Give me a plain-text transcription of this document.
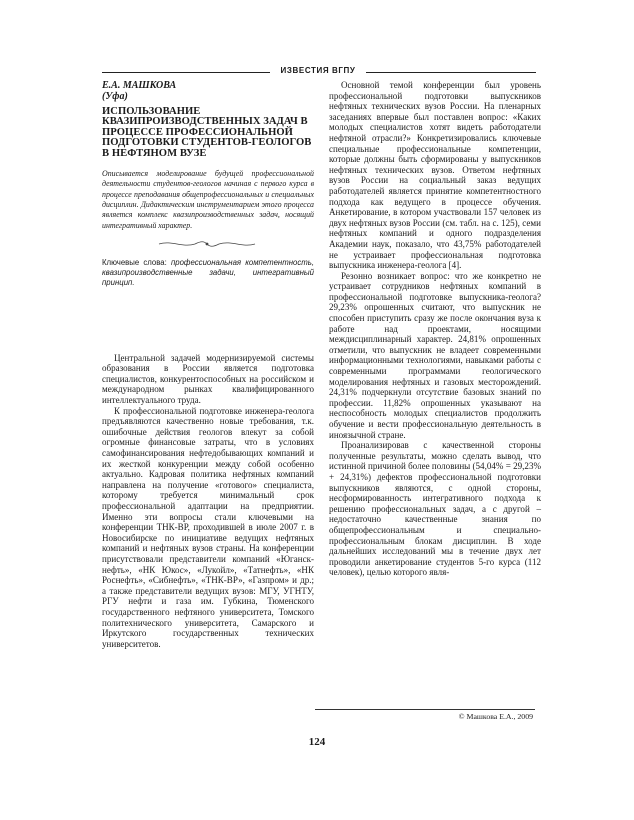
ИЗВЕСТИЯ ВГПУ
Е.А. МАШКОВА
(Уфа)
ИСПОЛЬЗОВАНИЕ КВАЗИПРОИЗВОДСТВЕННЫХ ЗАДАЧ В ПРОЦЕССЕ ПРОФЕССИОНАЛЬНОЙ ПОДГОТОВКИ СТУДЕНТОВ-ГЕОЛОГОВ В НЕФТЯНОМ ВУЗЕ
Описывается моделирование будущей профессиональной деятельности студентов-геологов начиная с первого курса в процессе преподавания общепрофессиональных и специальных дисциплин. Дидактическим инструментарием этого процесса является комплекс квазипроизводственных задач, носящий интегративный характер.
Ключевые слова: профессиональная компетентность, квазипроизводственные задачи, интегративный принцип.

Центральной задачей модернизируемой системы образования в России является подготовка специалистов, конкурентоспособных на российском и международном рынках квалифицированного интеллектуального труда.

К профессиональной подготовке инженера-геолога предъявляются качественно новые требования, т.к. ошибочные действия геологов влекут за собой огромные финансовые затраты, что в условиях самофинансирования нефтедобывающих компаний и их жесткой конкуренции между собой особенно актуально. Кадровая политика нефтяных компаний направлена на получение «готового» специалиста, которому требуется минимальный срок профессиональной адаптации на предприятии. Именно эти вопросы стали ключевыми на конференции ТНК-ВР, проходившей в июле 2007 г. в Новосибирске по инициативе ведущих нефтяных компаний и нефтяных вузов страны. На конференции присутствовали представители компаний «Юганск-нефть», «НК Юкос», «Лукойл», «Татнефть», «НК Роснефть», «Сибнефть», «ТНК-ВР», «Газпром» и др.; а также представители ведущих вузов: МГУ, УГНТУ, РГУ нефти и газа им. Губкина, Тюменского государственного нефтяного университета, Томского политехнического университета, Самарского и Иркутского государственных технических университетов.

Основной темой конференции был уровень профессиональной подготовки выпускников нефтяных технических вузов России. На пленарных заседаниях впервые был поставлен вопрос: «Каких молодых специалистов хотят видеть работодатели нефтяной отрасли?» Конкретизировались ключевые специальные профессиональные компетенции, которые должны быть сформированы у выпускников нефтяных технических вузов. Ответом нефтяных вузов России на социальный заказ ведущих работодателей является принятие компетентностного подхода как ведущего в процессе обучения. Анкетирование, в котором участвовали 157 человек из двух нефтяных вузов России (см. табл. на с. 125), семи нефтяных компаний и одного подразделения Академии наук, показало, что 43,75% работодателей не устраивает профессиональная подготовка выпускника инженера-геолога [4].

Резонно возникает вопрос: что же конкретно не устраивает сотрудников нефтяных компаний в профессиональной подготовке выпускника-геолога? 29,23% опрошенных считают, что выпускник не способен приступить сразу же после окончания вуза к работе над проектами, носящими междисциплинарный характер. 24,81% опрошенных отметили, что выпускник не владеет современными информационными технологиями, навыками работы с современными программами геологического моделирования нефтяных и газовых месторождений. 24,31% подчеркнули отсутствие базовых знаний по профессии. 11,82% опрошенных указывают на неспособность молодых специалистов продолжить обучение и вести профессиональную деятельность в иноязычной стране.

Проанализировав с качественной стороны полученные результаты, можно сделать вывод, что истинной причиной более половины (54,04% = 29,23% + 24,31%) дефектов профессиональной подготовки выпускников являются, с одной стороны, несформированность интегративного подхода к решению профессиональных задач, а с другой – недостаточно качественные знания по общепрофессиональным и специально-профессиональным блокам дисциплин. В ходе дальнейших исследований мы в течение двух лет проводили анкетирование студентов 5-го курса (112 человек), целью которого явля-

© Машкова Е.А., 2009
124
